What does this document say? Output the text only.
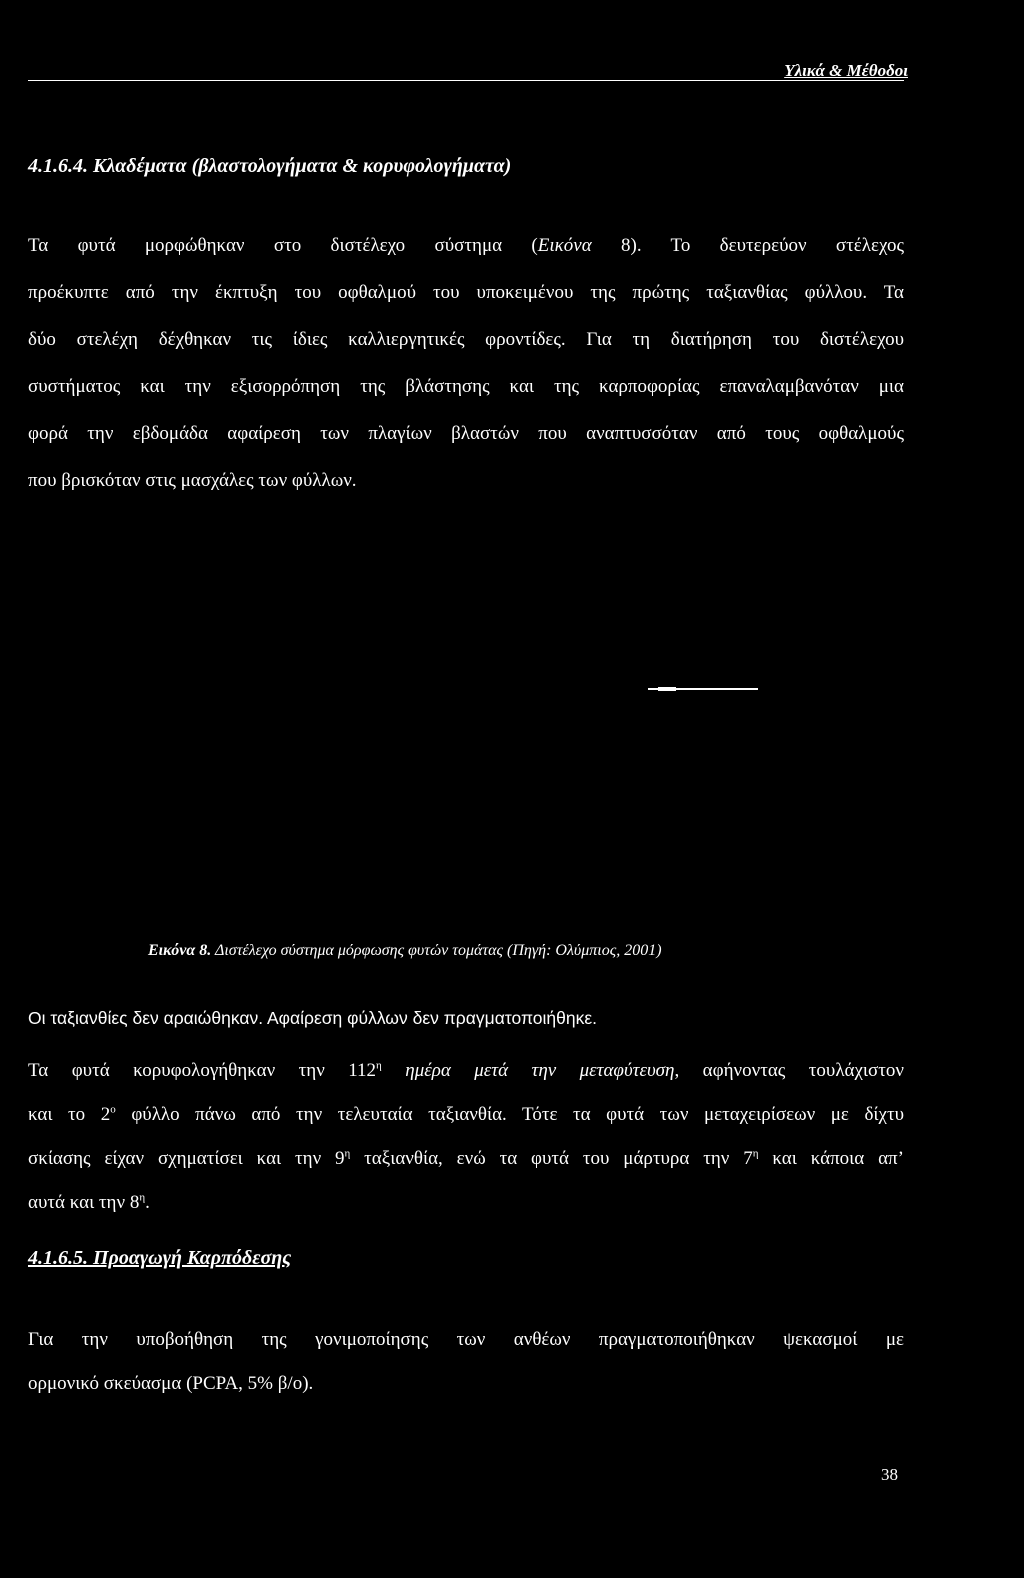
Υλικά & Μέθοδοι
4.1.6.4. Κλαδέματα (βλαστολογήματα & κορυφολογήματα)
Τα φυτά μορφώθηκαν στο διστέλεχο σύστημα (Εικόνα 8). Το δευτερεύον στέλεχος
προέκυπτε από την έκπτυξη του οφθαλμού του υποκειμένου της πρώτης ταξιανθίας φύλλου. Τα
δύο στελέχη δέχθηκαν τις ίδιες καλλιεργητικές φροντίδες. Για τη διατήρηση του διστέλεχου
συστήματος και την εξισορρόπηση της βλάστησης και της καρποφορίας επαναλαμβανόταν μια
φορά την εβδομάδα αφαίρεση των πλαγίων βλαστών που αναπτυσσόταν από τους οφθαλμούς
που βρισκόταν στις μασχάλες των φύλλων.
Εικόνα 8. Διστέλεχο σύστημα μόρφωσης φυτών τομάτας (Πηγή: Ολύμπιος, 2001)
Οι ταξιανθίες δεν αραιώθηκαν. Αφαίρεση φύλλων δεν πραγματοποιήθηκε.
Τα φυτά κορυφολογήθηκαν την $112^\eta$ ημέρα μετά την μεταφύτευση, αφήνοντας τουλάχιστον
και το $2^o$ φύλλο πάνω από την τελευταία ταξιανθία. Τότε τα φυτά των μεταχειρίσεων με δίχτυ
σκίασης είχαν σχηματίσει και την $9^\eta$ ταξιανθία, ενώ τα φυτά του μάρτυρα την $7^\eta$ και κάποια απ’
αυτά και την $8^\eta$.
4.1.6.5. Προαγωγή Καρπόδεσης
Για την υποβοήθηση της γονιμοποίησης των ανθέων πραγματοποιήθηκαν ψεκασμοί με
ορμονικό σκεύασμα (PCPA, 5% β/ο).
38
